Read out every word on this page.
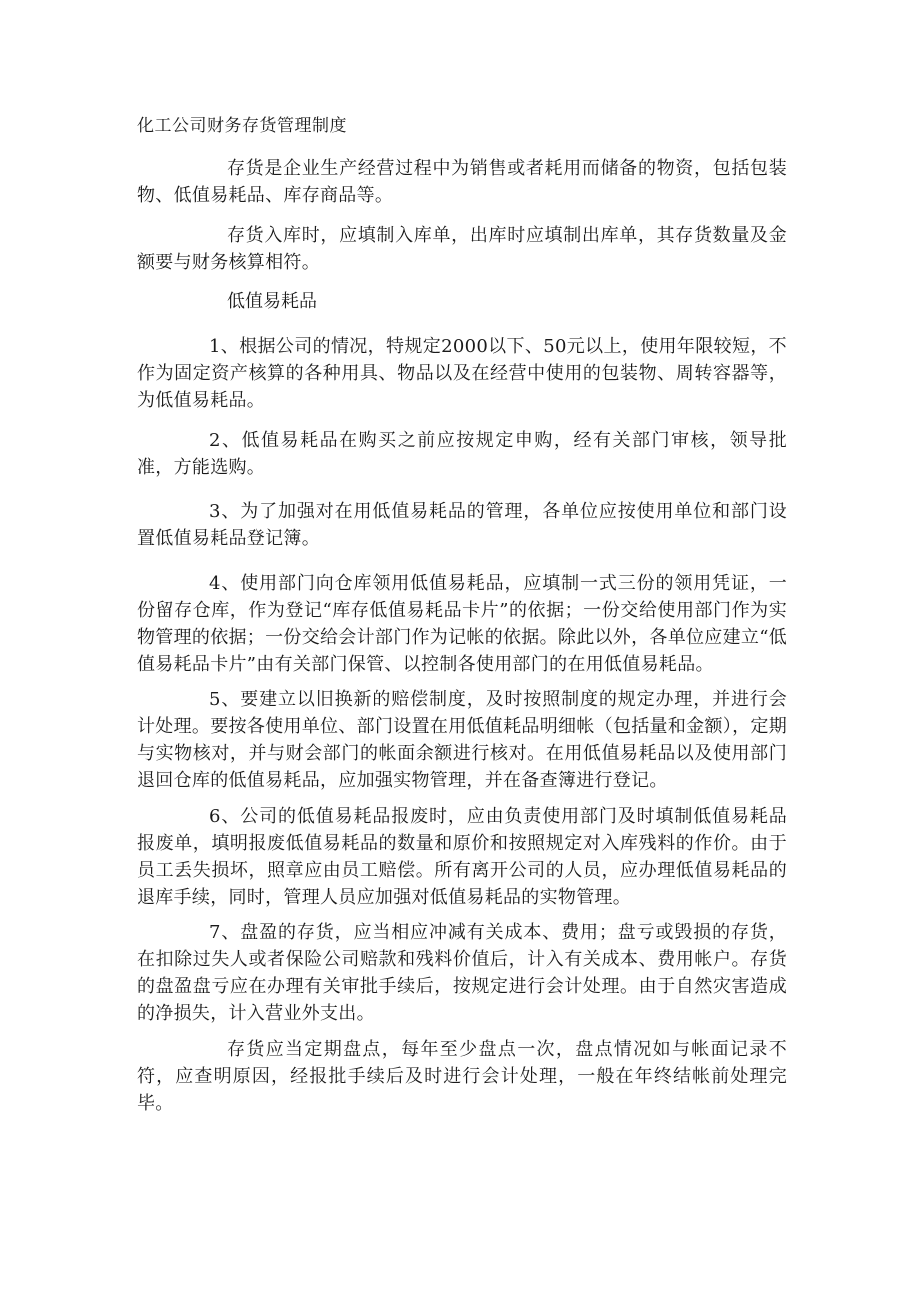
化工公司财务存货管理制度

存货是企业生产经营过程中为销售或者耗用而储备的物资，包括包装物、低值易耗品、库存商品等。

存货入库时，应填制入库单，出库时应填制出库单，其存货数量及金额要与财务核算相符。

低值易耗品

1、根据公司的情况，特规定2000以下、50元以上，使用年限较短，不作为固定资产核算的各种用具、物品以及在经营中使用的包装物、周转容器等，为低值易耗品。

2、低值易耗品在购买之前应按规定申购，经有关部门审核，领导批准，方能选购。

3、为了加强对在用低值易耗品的管理，各单位应按使用单位和部门设置低值易耗品登记簿。

4、使用部门向仓库领用低值易耗品，应填制一式三份的领用凭证，一份留存仓库，作为登记“库存低值易耗品卡片”的依据；一份交给使用部门作为实物管理的依据；一份交给会计部门作为记帐的依据。除此以外，各单位应建立“低值易耗品卡片”由有关部门保管、以控制各使用部门的在用低值易耗品。

5、要建立以旧换新的赔偿制度，及时按照制度的规定办理，并进行会计处理。要按各使用单位、部门设置在用低值耗品明细帐（包括量和金额），定期与实物核对，并与财会部门的帐面余额进行核对。在用低值易耗品以及使用部门退回仓库的低值易耗品，应加强实物管理，并在备查簿进行登记。

6、公司的低值易耗品报废时，应由负责使用部门及时填制低值易耗品报废单，填明报废低值易耗品的数量和原价和按照规定对入库残料的作价。由于员工丢失损坏，照章应由员工赔偿。所有离开公司的人员，应办理低值易耗品的退库手续，同时，管理人员应加强对低值易耗品的实物管理。

7、盘盈的存货，应当相应冲减有关成本、费用；盘亏或毁损的存货，在扣除过失人或者保险公司赔款和残料价值后，计入有关成本、费用帐户。存货的盘盈盘亏应在办理有关审批手续后，按规定进行会计处理。由于自然灾害造成的净损失，计入营业外支出。

存货应当定期盘点，每年至少盘点一次，盘点情况如与帐面记录不符，应查明原因，经报批手续后及时进行会计处理，一般在年终结帐前处理完毕。
